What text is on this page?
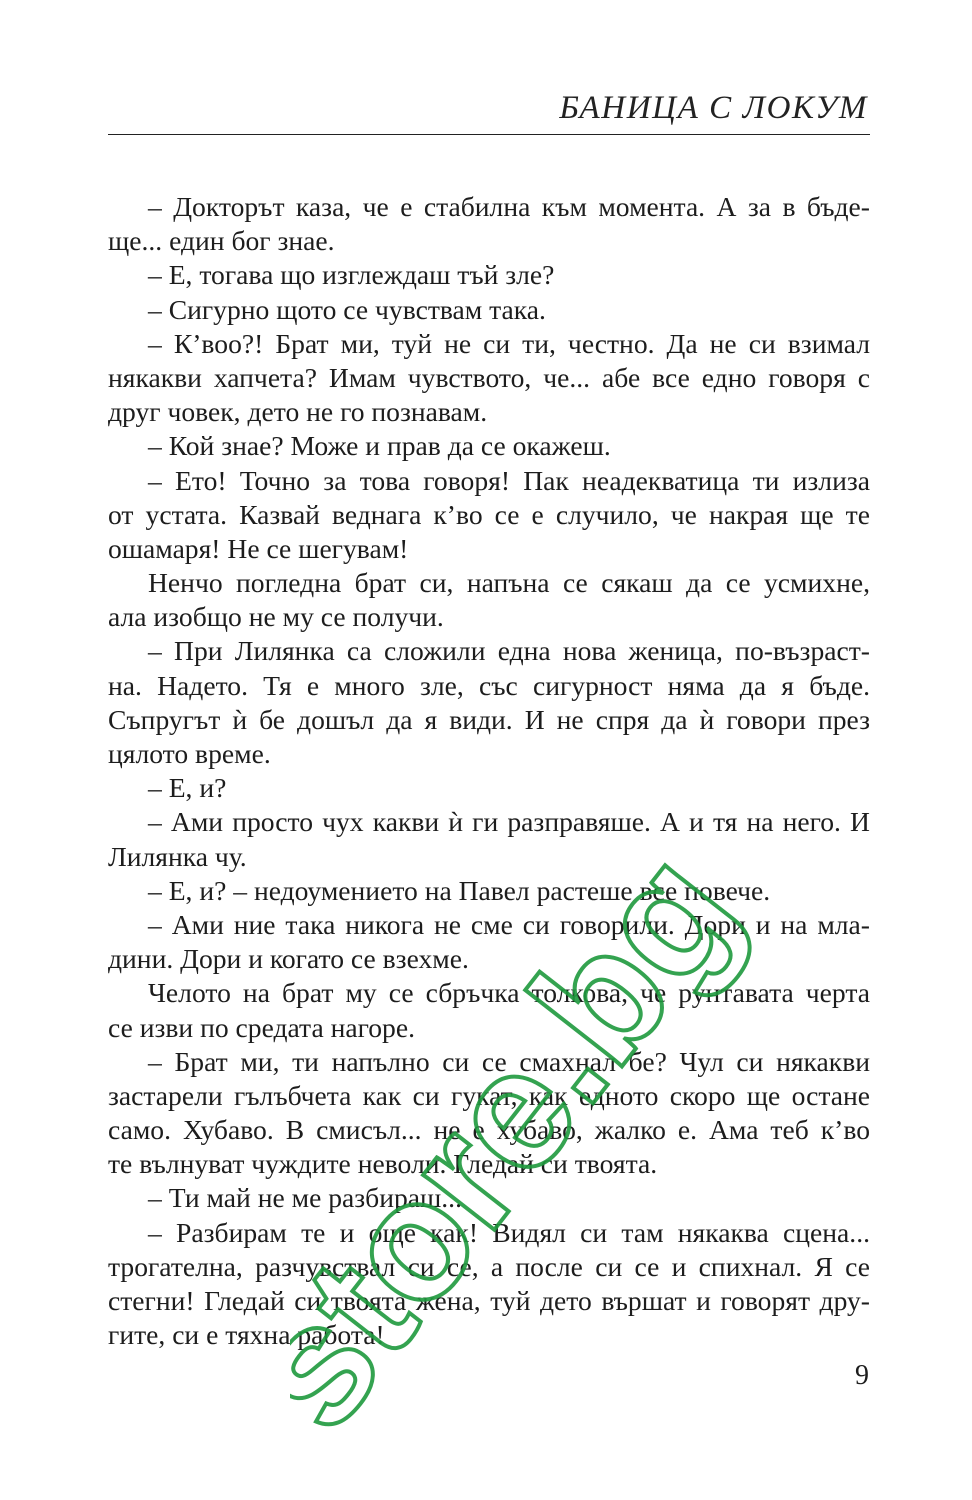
БАНИЦА С ЛОКУМ
– Докторът каза, че е стабилна към момента. А за в бъде-
ще... един бог знае.
– Е, тогава що изглеждаш тъй зле?
– Сигурно щото се чувствам така.
– К’воо?! Брат ми, туй не си ти, честно. Да не си взимал
някакви хапчета? Имам чувството, че... абе все едно говоря с
друг човек, дето не го познавам.
– Кой знае? Може и прав да се окажеш.
– Ето! Точно за това говоря! Пак неадекватица ти излиза
от устата. Казвай веднага к’во се е случило, че накрая ще те
ошамаря! Не се шегувам!
Ненчо погледна брат си, напъна се сякаш да се усмихне,
ала изобщо не му се получи.
– При Лилянка са сложили една нова женица, по-възраст-
на. Надето. Тя е много зле, със сигурност няма да я бъде.
Съпругът ѝ бе дошъл да я види. И не спря да ѝ говори през
цялото време.
– Е, и?
– Ами просто чух какви ѝ ги разправяше. А и тя на него. И
Лилянка чу.
– Е, и? – недоумението на Павел растеше все повече.
– Ами ние така никога не сме си говорили. Дори и на мла-
дини. Дори и когато се взехме.
Челото на брат му се сбръчка толкова, че рунтавата черта
се изви по средата нагоре.
– Брат ми, ти напълно си се смахнал бе? Чул си някакви
застарели гълъбчета как си гукат, как едното скоро ще остане
само. Хубаво. В смисъл... не е хубаво, жалко е. Ама теб к’во
те вълнуват чуждите неволи. Гледай си твоята.
– Ти май не ме разбираш...
– Разбирам те и още как! Видял си там някаква сцена...
трогателна, разчувствал си се, а после си се и спихнал. Я се
стегни! Гледай си твоята жена, туй дето вършат и говорят дру-
гите, си е тяхна работа!
9
store.bg
